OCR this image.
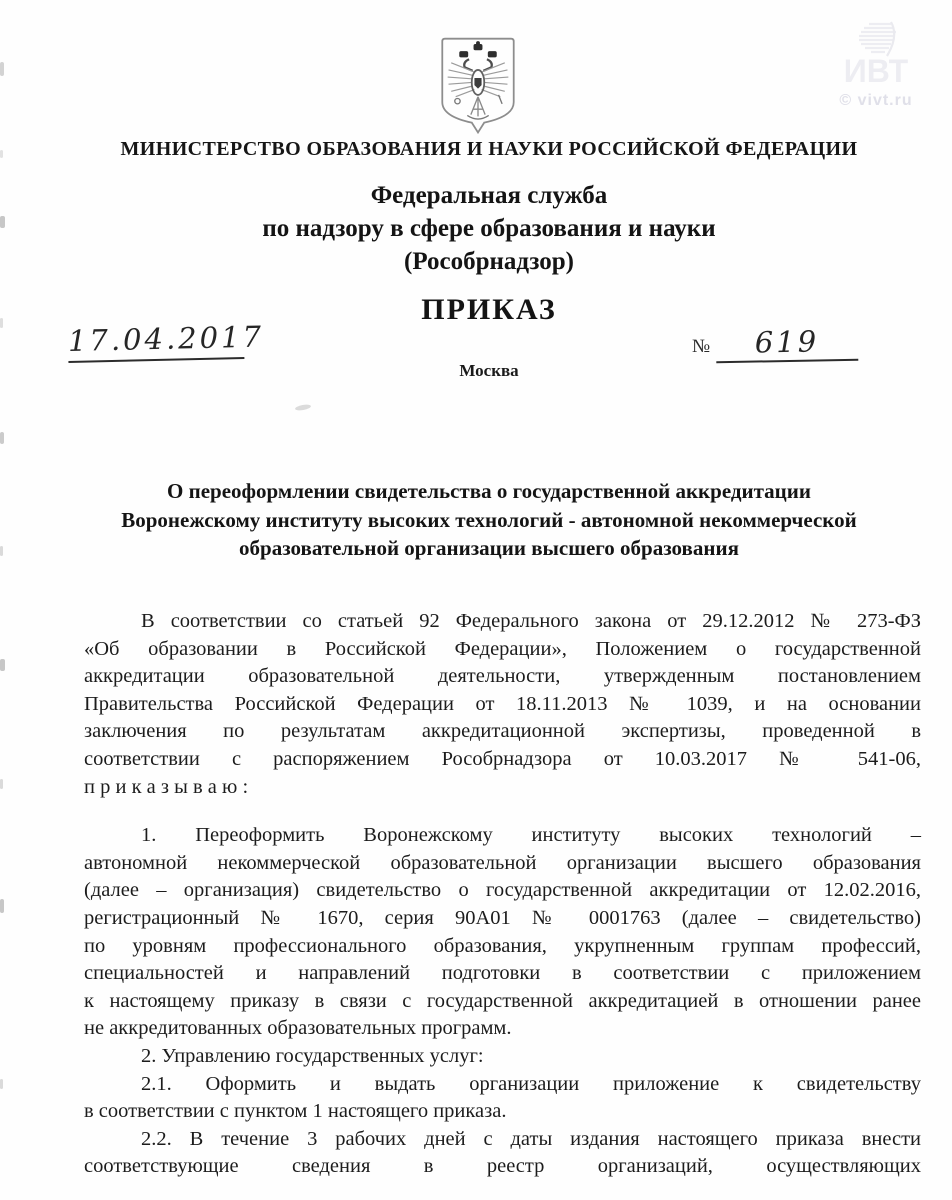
ИВТ
© vivt.ru
МИНИСТЕРСТВО ОБРАЗОВАНИЯ И НАУКИ РОССИЙСКОЙ ФЕДЕРАЦИИ
Федеральная служба
по надзору в сфере образования и науки
(Рособрнадзор)
ПРИКАЗ
17.04.2017	№ 619
Москва
О переоформлении свидетельства о государственной аккредитации
Воронежскому институту высоких технологий - автономной некоммерческой
образовательной организации высшего образования
В соответствии со статьей 92 Федерального закона от 29.12.2012 № 273-ФЗ
«Об образовании в Российской Федерации», Положением о государственной
аккредитации образовательной деятельности, утвержденным постановлением
Правительства Российской Федерации от 18.11.2013 № 1039, и на основании
заключения по результатам аккредитационной экспертизы, проведенной в
соответствии с распоряжением Рособрнадзора от 10.03.2017 № 541-06,
п р и к а з ы в а ю :
1. Переоформить Воронежскому институту высоких технологий –
автономной некоммерческой образовательной организации высшего образования
(далее – организация) свидетельство о государственной аккредитации от 12.02.2016,
регистрационный № 1670, серия 90А01 № 0001763 (далее – свидетельство)
по уровням профессионального образования, укрупненным группам профессий,
специальностей и направлений подготовки в соответствии с приложением
к настоящему приказу в связи с государственной аккредитацией в отношении ранее
не аккредитованных образовательных программ.
2. Управлению государственных услуг:
2.1. Оформить и выдать организации приложение к свидетельству
в соответствии с пунктом 1 настоящего приказа.
2.2. В течение 3 рабочих дней с даты издания настоящего приказа внести
соответствующие сведения в реестр организаций, осуществляющих
